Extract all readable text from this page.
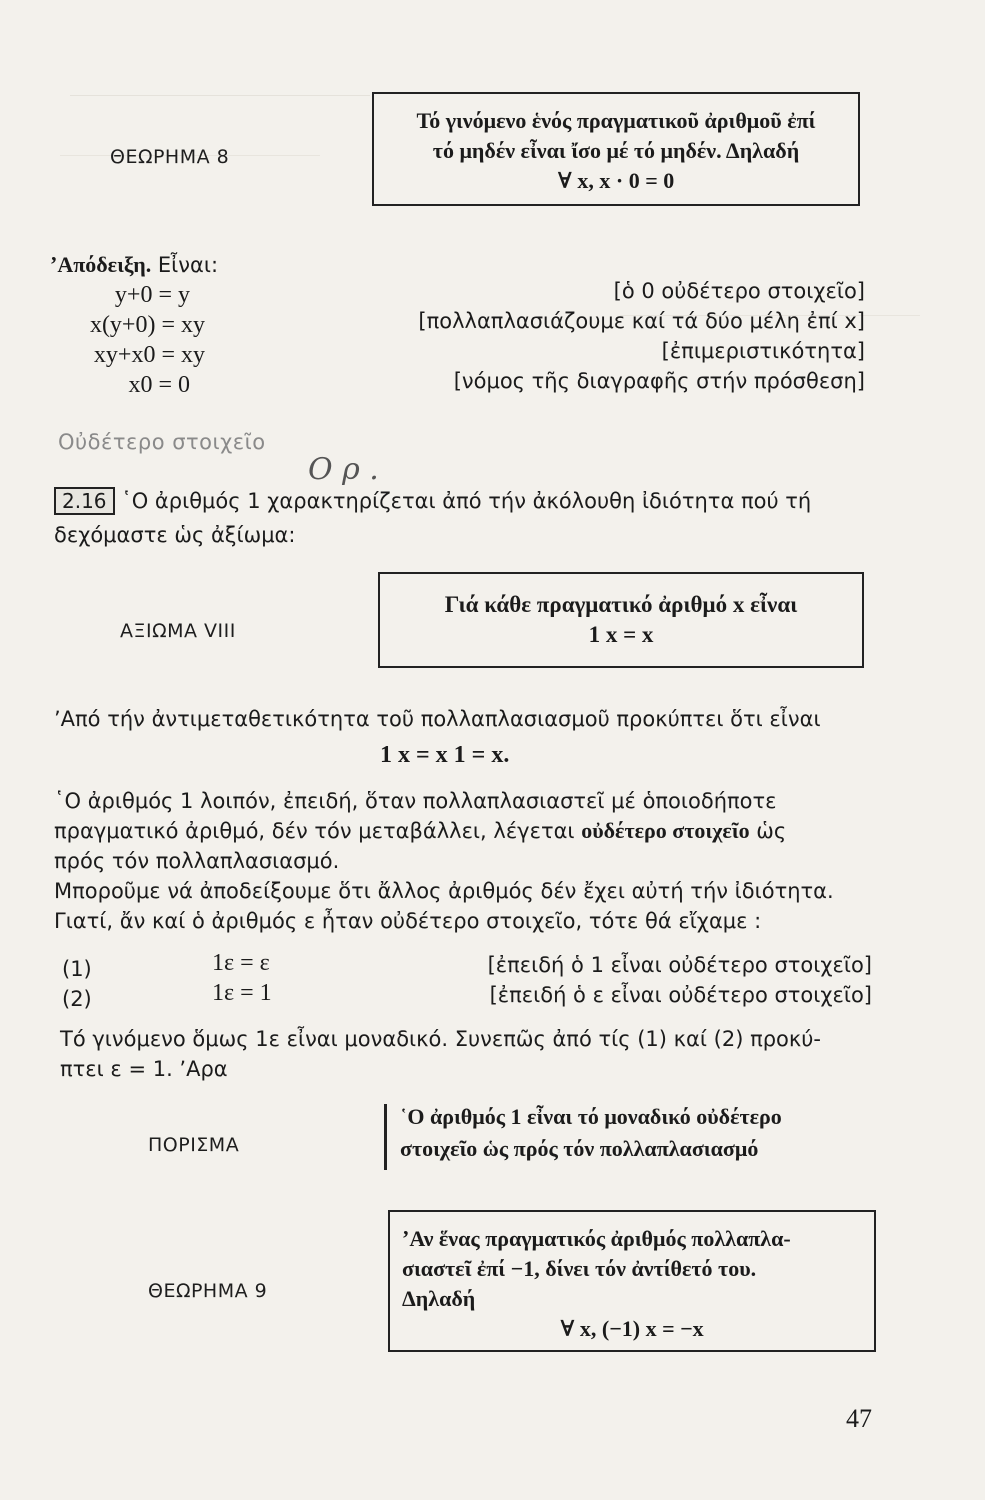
ΘΕΩΡΗΜΑ 8
Τό γινόμενο ἑνός πραγματικοῦ ἀριθμοῦ ἐπί
τό μηδέν εἶναι ἴσο μέ τό μηδέν. Δηλαδή
∀ x, x · 0 = 0
ʼΑπόδειξη. Εἶναι:
y+0 = y	[ὁ 0 οὐδέτερο στοιχεῖο]
x(y+0) = xy	[πολλαπλασιάζουμε καί τά δύο μέλη ἐπί x]
xy+x0 = xy	[ἐπιμεριστικότητα]
x0 = 0	[νόμος τῆς διαγραφῆς στήν πρόσθεση]
Οὐδέτερο στοιχεῖο
Ο ρ .
2.16 ῾Ο ἀριθμός 1 χαρακτηρίζεται ἀπό τήν ἀκόλουθη ἰδιότητα πού τή
δεχόμαστε ὡς ἀξίωμα:
ΑΞΙΩΜΑ VIII
Γιά κάθε πραγματικό ἀριθμό x εἶναι
1 x = x
ʼΑπό τήν ἀντιμεταθετικότητα τοῦ πολλαπλασιασμοῦ προκύπτει ὅτι εἶναι
1 x = x 1 = x.
῾Ο ἀριθμός 1 λοιπόν, ἐπειδή, ὅταν πολλαπλασιαστεῖ μέ ὁποιοδήποτε
πραγματικό ἀριθμό, δέν τόν μεταβάλλει, λέγεται οὐδέτερο στοιχεῖο ὡς
πρός τόν πολλαπλασιασμό.
Μποροῦμε νά ἀποδείξουμε ὅτι ἄλλος ἀριθμός δέν ἔχει αὐτή τήν ἰδιότητα.
Γιατί, ἄν καί ὁ ἀριθμός ε ἦταν οὐδέτερο στοιχεῖο, τότε θά εἴχαμε :
(1)	1ε = ε	[ἐπειδή ὁ 1 εἶναι οὐδέτερο στοιχεῖο]
(2)	1ε = 1	[ἐπειδή ὁ ε εἶναι οὐδέτερο στοιχεῖο]
Τό γινόμενο ὅμως 1ε εἶναι μοναδικό. Συνεπῶς ἀπό τίς (1) καί (2) προκύ-
πτει ε = 1. ʼΑρα
ΠΟΡΙΣΜΑ
῾Ο ἀριθμός 1 εἶναι τό μοναδικό οὐδέτερο
στοιχεῖο ὡς πρός τόν πολλαπλασιασμό
ΘΕΩΡΗΜΑ 9
ʼΑν ἕνας πραγματικός ἀριθμός πολλαπλα-
σιαστεῖ ἐπί −1, δίνει τόν ἀντίθετό του.
Δηλαδή
∀ x, (−1) x = −x
47
